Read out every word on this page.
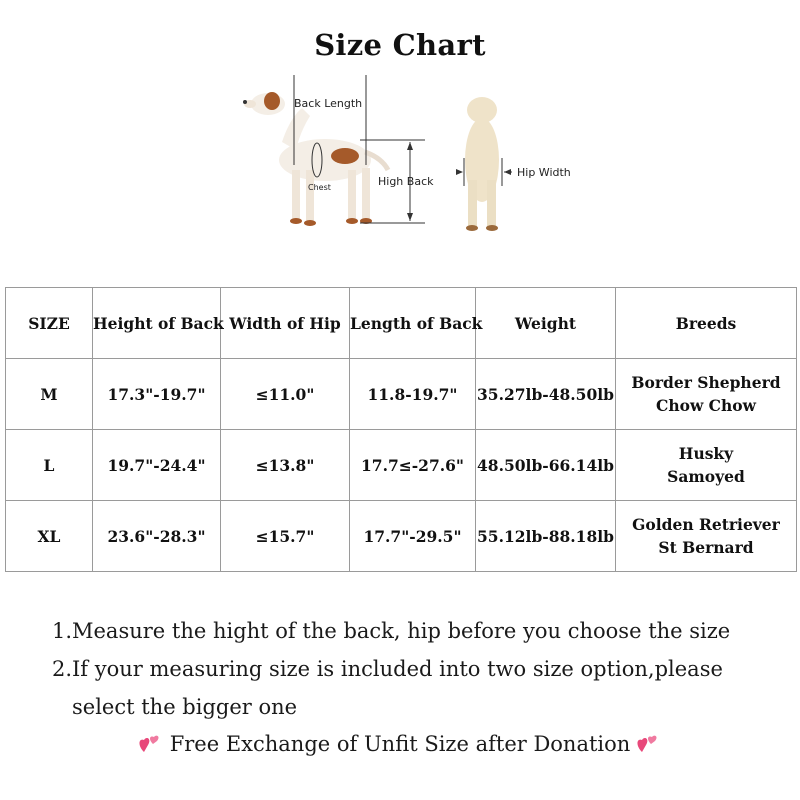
Size Chart
Back Length
Chest	High Back
Hip Width
SIZE	Height of Back	Width of Hip	Length of Back	Weight	Breeds
M	17.3"-19.7"	≤11.0"	11.8-19.7"	35.27lb-48.50lb	Border Shepherd
Chow Chow

L	19.7"-24.4"	≤13.8"	17.7≤-27.6"	48.50lb-66.14lb	Husky
Samoyed

XL	23.6"-28.3"	≤15.7"	17.7"-29.5"	55.12lb-88.18lb	Golden Retriever
St Bernard
1. Measure the hight of the back, hip before you choose the size
2. If your measuring size is included into two size option,please select the bigger one
Free Exchange of Unfit Size after Donation
